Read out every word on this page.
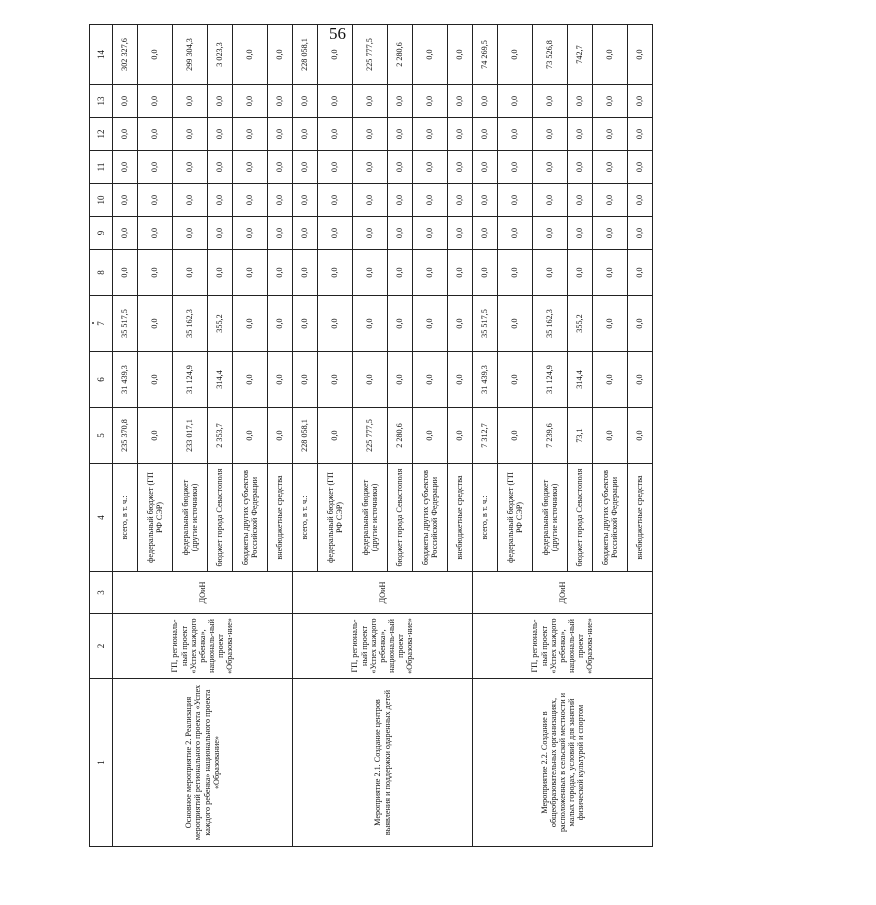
56
1	2	3	4	5	6	7	8	9	10	11	12	13	14
Основное мероприятие 2. Реализация мероприятий регионального проекта «Успех каждого ребенка» национального проекта «Образование»	ГП, региональ-ный проект «Успех каждого ребенка», националь-ный проект «Образова-ние»	ДОиН	всего, в т. ч.:	235 370,8	31 439,3	35 517,5	0,0	0,0	0,0	0,0	0,0	0,0	302 327,6
			федеральный бюджет (ГП РФ СЭР)	0,0	0,0	0,0	0,0	0,0	0,0	0,0	0,0	0,0	0,0
			федеральный бюджет (другие источники)	233 017,1	31 124,9	35 162,3	0,0	0,0	0,0	0,0	0,0	0,0	299 304,3
			бюджет города Севастополя	2 353,7	314,4	355,2	0,0	0,0	0,0	0,0	0,0	0,0	3 023,3
			бюджеты других субъектов Российской Федерации	0,0	0,0	0,0	0,0	0,0	0,0	0,0	0,0	0,0	0,0
			внебюджетные средства	0,0	0,0	0,0	0,0	0,0	0,0	0,0	0,0	0,0	0,0
Мероприятие 2.1. Создание центров выявления и поддержки одаренных детей	ГП, региональ-ный проект «Успех каждого ребенка», националь-ный проект «Образова-ние»	ДОиН	всего, в т. ч.:	228 058,1	0,0	0,0	0,0	0,0	0,0	0,0	0,0	0,0	228 058,1
			федеральный бюджет (ГП РФ СЭР)	0,0	0,0	0,0	0,0	0,0	0,0	0,0	0,0	0,0	0,0
			федеральный бюджет (другие источники)	225 777,5	0,0	0,0	0,0	0,0	0,0	0,0	0,0	0,0	225 777,5
			бюджет города Севастополя	2 280,6	0,0	0,0	0,0	0,0	0,0	0,0	0,0	0,0	2 280,6
			бюджеты других субъектов Российской Федерации	0,0	0,0	0,0	0,0	0,0	0,0	0,0	0,0	0,0	0,0
			внебюджетные средства	0,0	0,0	0,0	0,0	0,0	0,0	0,0	0,0	0,0	0,0
Мероприятие 2.2. Создание в общеобразовательных организациях, расположенных в сельской местности и малых городах, условий для занятий физической культурой и спортом	ГП, региональ-ный проект «Успех каждого ребенка», националь-ный проект «Образова-ние»	ДОиН	всего, в т. ч.:	7 312,7	31 439,3	35 517,5	0,0	0,0	0,0	0,0	0,0	0,0	74 269,5
			федеральный бюджет (ГП РФ СЭР)	0,0	0,0	0,0	0,0	0,0	0,0	0,0	0,0	0,0	0,0
			федеральный бюджет (другие источники)	7 239,6	31 124,9	35 162,3	0,0	0,0	0,0	0,0	0,0	0,0	73 526,8
			бюджет города Севастополя	73,1	314,4	355,2	0,0	0,0	0,0	0,0	0,0	0,0	742,7
			бюджеты других субъектов Российской Федерации	0,0	0,0	0,0	0,0	0,0	0,0	0,0	0,0	0,0	0,0
			внебюджетные средства	0,0	0,0	0,0	0,0	0,0	0,0	0,0	0,0	0,0	0,0
